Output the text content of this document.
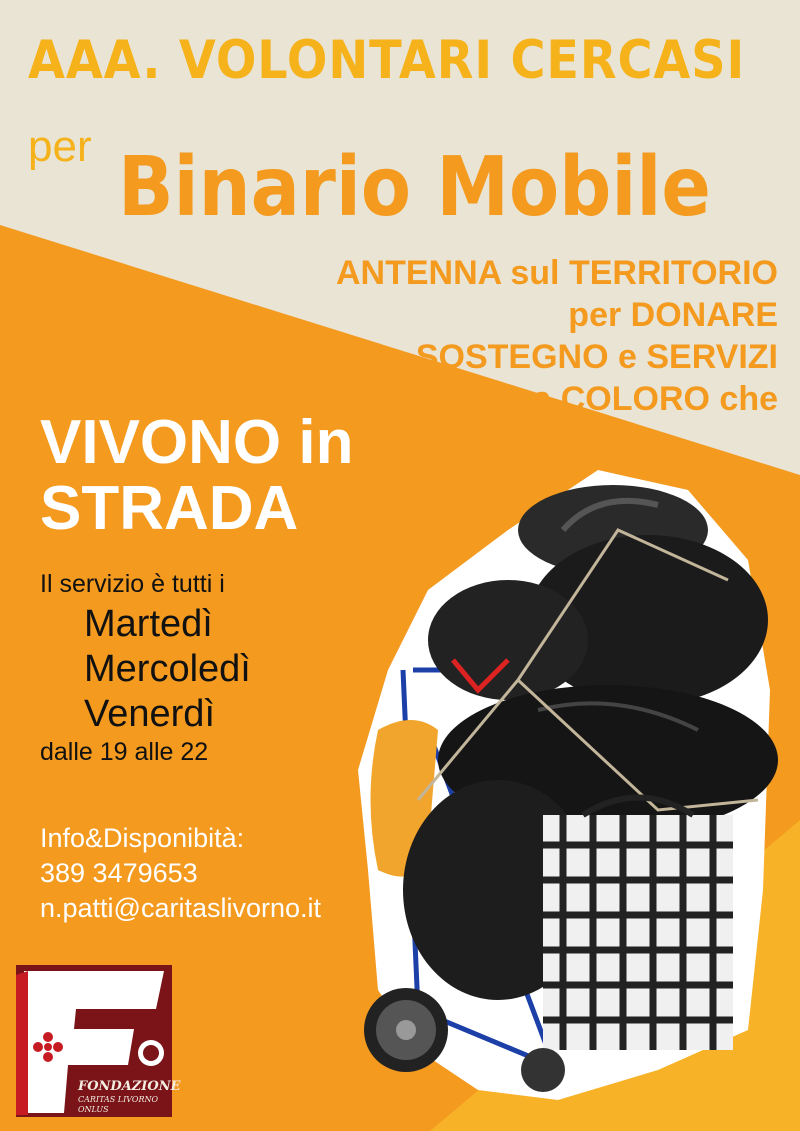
AAA. VOLONTARI CERCASI

per Binario Mobile

ANTENNA sul TERRITORIO

per DONARE

SOSTEGNO e SERVIZI

a COLORO che

VIVONO in
STRADA

Il servizio è tutti i

Martedì

Mercoledì

Venerdì

dalle 19 alle 22

Info&Disponibità:

389 3479653

n.patti@caritaslivorno.it

FONDAZIONE

CARITAS LIVORNO

ONLUS
